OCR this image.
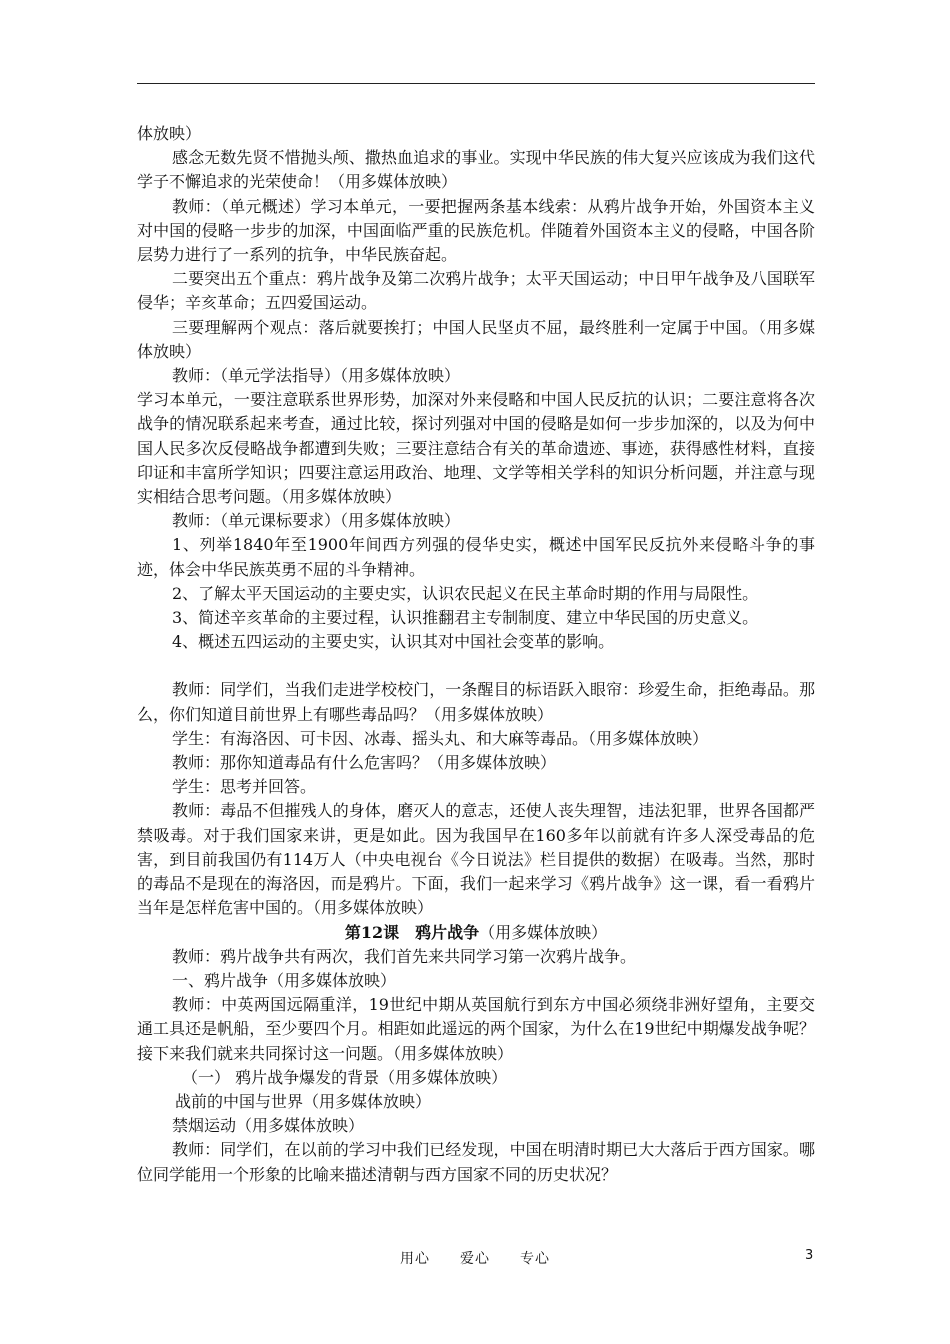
体放映）

感念无数先贤不惜抛头颅、撒热血追求的事业。实现中华民族的伟大复兴应该成为我们这代学子不懈追求的光荣使命！（用多媒体放映）

教师：（单元概述）学习本单元，一要把握两条基本线索：从鸦片战争开始，外国资本主义对中国的侵略一步步的加深，中国面临严重的民族危机。伴随着外国资本主义的侵略，中国各阶层势力进行了一系列的抗争，中华民族奋起。

二要突出五个重点：鸦片战争及第二次鸦片战争；太平天国运动；中日甲午战争及八国联军侵华；辛亥革命；五四爱国运动。

三要理解两个观点：落后就要挨打；中国人民坚贞不屈，最终胜利一定属于中国。（用多媒体放映）

教师：（单元学法指导）（用多媒体放映）

学习本单元，一要注意联系世界形势，加深对外来侵略和中国人民反抗的认识；二要注意将各次战争的情况联系起来考查，通过比较，探讨列强对中国的侵略是如何一步步加深的，以及为何中国人民多次反侵略战争都遭到失败；三要注意结合有关的革命遗迹、事迹，获得感性材料，直接印证和丰富所学知识；四要注意运用政治、地理、文学等相关学科的知识分析问题，并注意与现实相结合思考问题。（用多媒体放映）

教师：（单元课标要求）（用多媒体放映）

1、列举1840年至1900年间西方列强的侵华史实，概述中国军民反抗外来侵略斗争的事迹，体会中华民族英勇不屈的斗争精神。

2、了解太平天国运动的主要史实，认识农民起义在民主革命时期的作用与局限性。

3、简述辛亥革命的主要过程，认识推翻君主专制制度、建立中华民国的历史意义。

4、概述五四运动的主要史实，认识其对中国社会变革的影响。

教师：同学们，当我们走进学校校门，一条醒目的标语跃入眼帘：珍爱生命，拒绝毒品。那么，你们知道目前世界上有哪些毒品吗？（用多媒体放映）

学生：有海洛因、可卡因、冰毒、摇头丸、和大麻等毒品。（用多媒体放映）

教师：那你知道毒品有什么危害吗？（用多媒体放映）

学生：思考并回答。

教师：毒品不但摧残人的身体，磨灭人的意志，还使人丧失理智，违法犯罪，世界各国都严禁吸毒。对于我们国家来讲，更是如此。因为我国早在160多年以前就有许多人深受毒品的危害，到目前我国仍有114万人（中央电视台《今日说法》栏目提供的数据）在吸毒。当然，那时的毒品不是现在的海洛因，而是鸦片。下面，我们一起来学习《鸦片战争》这一课，看一看鸦片当年是怎样危害中国的。（用多媒体放映）

第12课　鸦片战争（用多媒体放映）

教师：鸦片战争共有两次，我们首先来共同学习第一次鸦片战争。

一、鸦片战争（用多媒体放映）

教师：中英两国远隔重洋，19世纪中期从英国航行到东方中国必须绕非洲好望角，主要交通工具还是帆船，至少要四个月。相距如此遥远的两个国家，为什么在19世纪中期爆发战争呢？接下来我们就来共同探讨这一问题。（用多媒体放映）

（一） 鸦片战争爆发的背景（用多媒体放映）

战前的中国与世界（用多媒体放映）

禁烟运动（用多媒体放映）

教师：同学们，在以前的学习中我们已经发现，中国在明清时期已大大落后于西方国家。哪位同学能用一个形象的比喻来描述清朝与西方国家不同的历史状况？

用心　　爱心　　专心	3
